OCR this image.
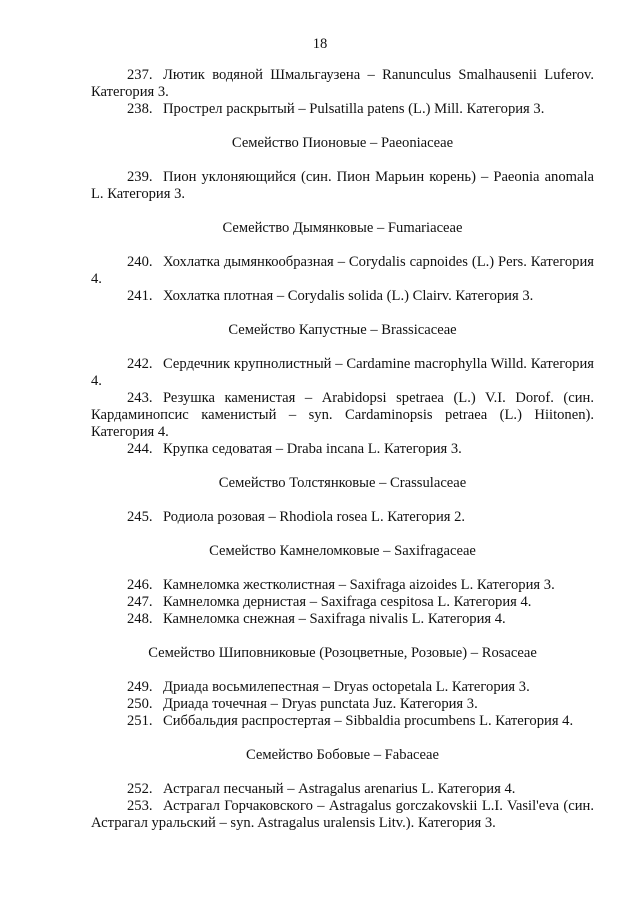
18

237. Лютик водяной Шмальгаузена – Ranunculus Smalhausenii Luferov. Категория 3.

238. Прострел раскрытый – Pulsatilla patens (L.) Mill. Категория 3.

Семейство Пионовые – Paeoniaceae

239. Пион уклоняющийся (син. Пион Марьин корень) – Paeonia anomala L. Категория 3.

Семейство Дымянковые – Fumariaceae

240. Хохлатка дымянкообразная – Corydalis capnoides (L.) Pers. Категория 4.

241. Хохлатка плотная – Corydalis solida (L.) Clairv. Категория 3.

Семейство Капустные – Brassicaceae

242. Сердечник крупнолистный – Cardamine macrophylla Willd. Категория 4.

243. Резушка каменистая – Arabidopsi spetraea (L.) V.I. Dorof. (син. Кардаминопсис каменистый – syn. Cardaminopsis petraea (L.) Hiitonen). Категория 4.

244. Крупка седоватая – Draba incana L. Категория 3.

Семейство Толстянковые – Crassulaceae

245. Родиола розовая – Rhodiola rosea L. Категория 2.

Семейство Камнеломковые – Saxifragaceae

246. Камнеломка жестколистная – Saxifraga aizoides L. Категория 3.

247. Камнеломка дернистая – Saxifraga cespitosa L. Категория 4.

248. Камнеломка снежная – Saxifraga nivalis L. Категория 4.

Семейство Шиповниковые (Розоцветные, Розовые) – Rosaceae

249. Дриада восьмилепестная – Dryas octopetala L. Категория 3.

250. Дриада точечная – Dryas punctata Juz. Категория 3.

251. Сиббальдия распростертая – Sibbaldia procumbens L. Категория 4.

Семейство Бобовые – Fabaceae

252. Астрагал песчаный – Astragalus arenarius L. Категория 4.

253. Астрагал Горчаковского – Astragalus gorczakovskii L.I. Vasil'eva (син. Астрагал уральский – syn. Astragalus uralensis Litv.). Категория 3.
